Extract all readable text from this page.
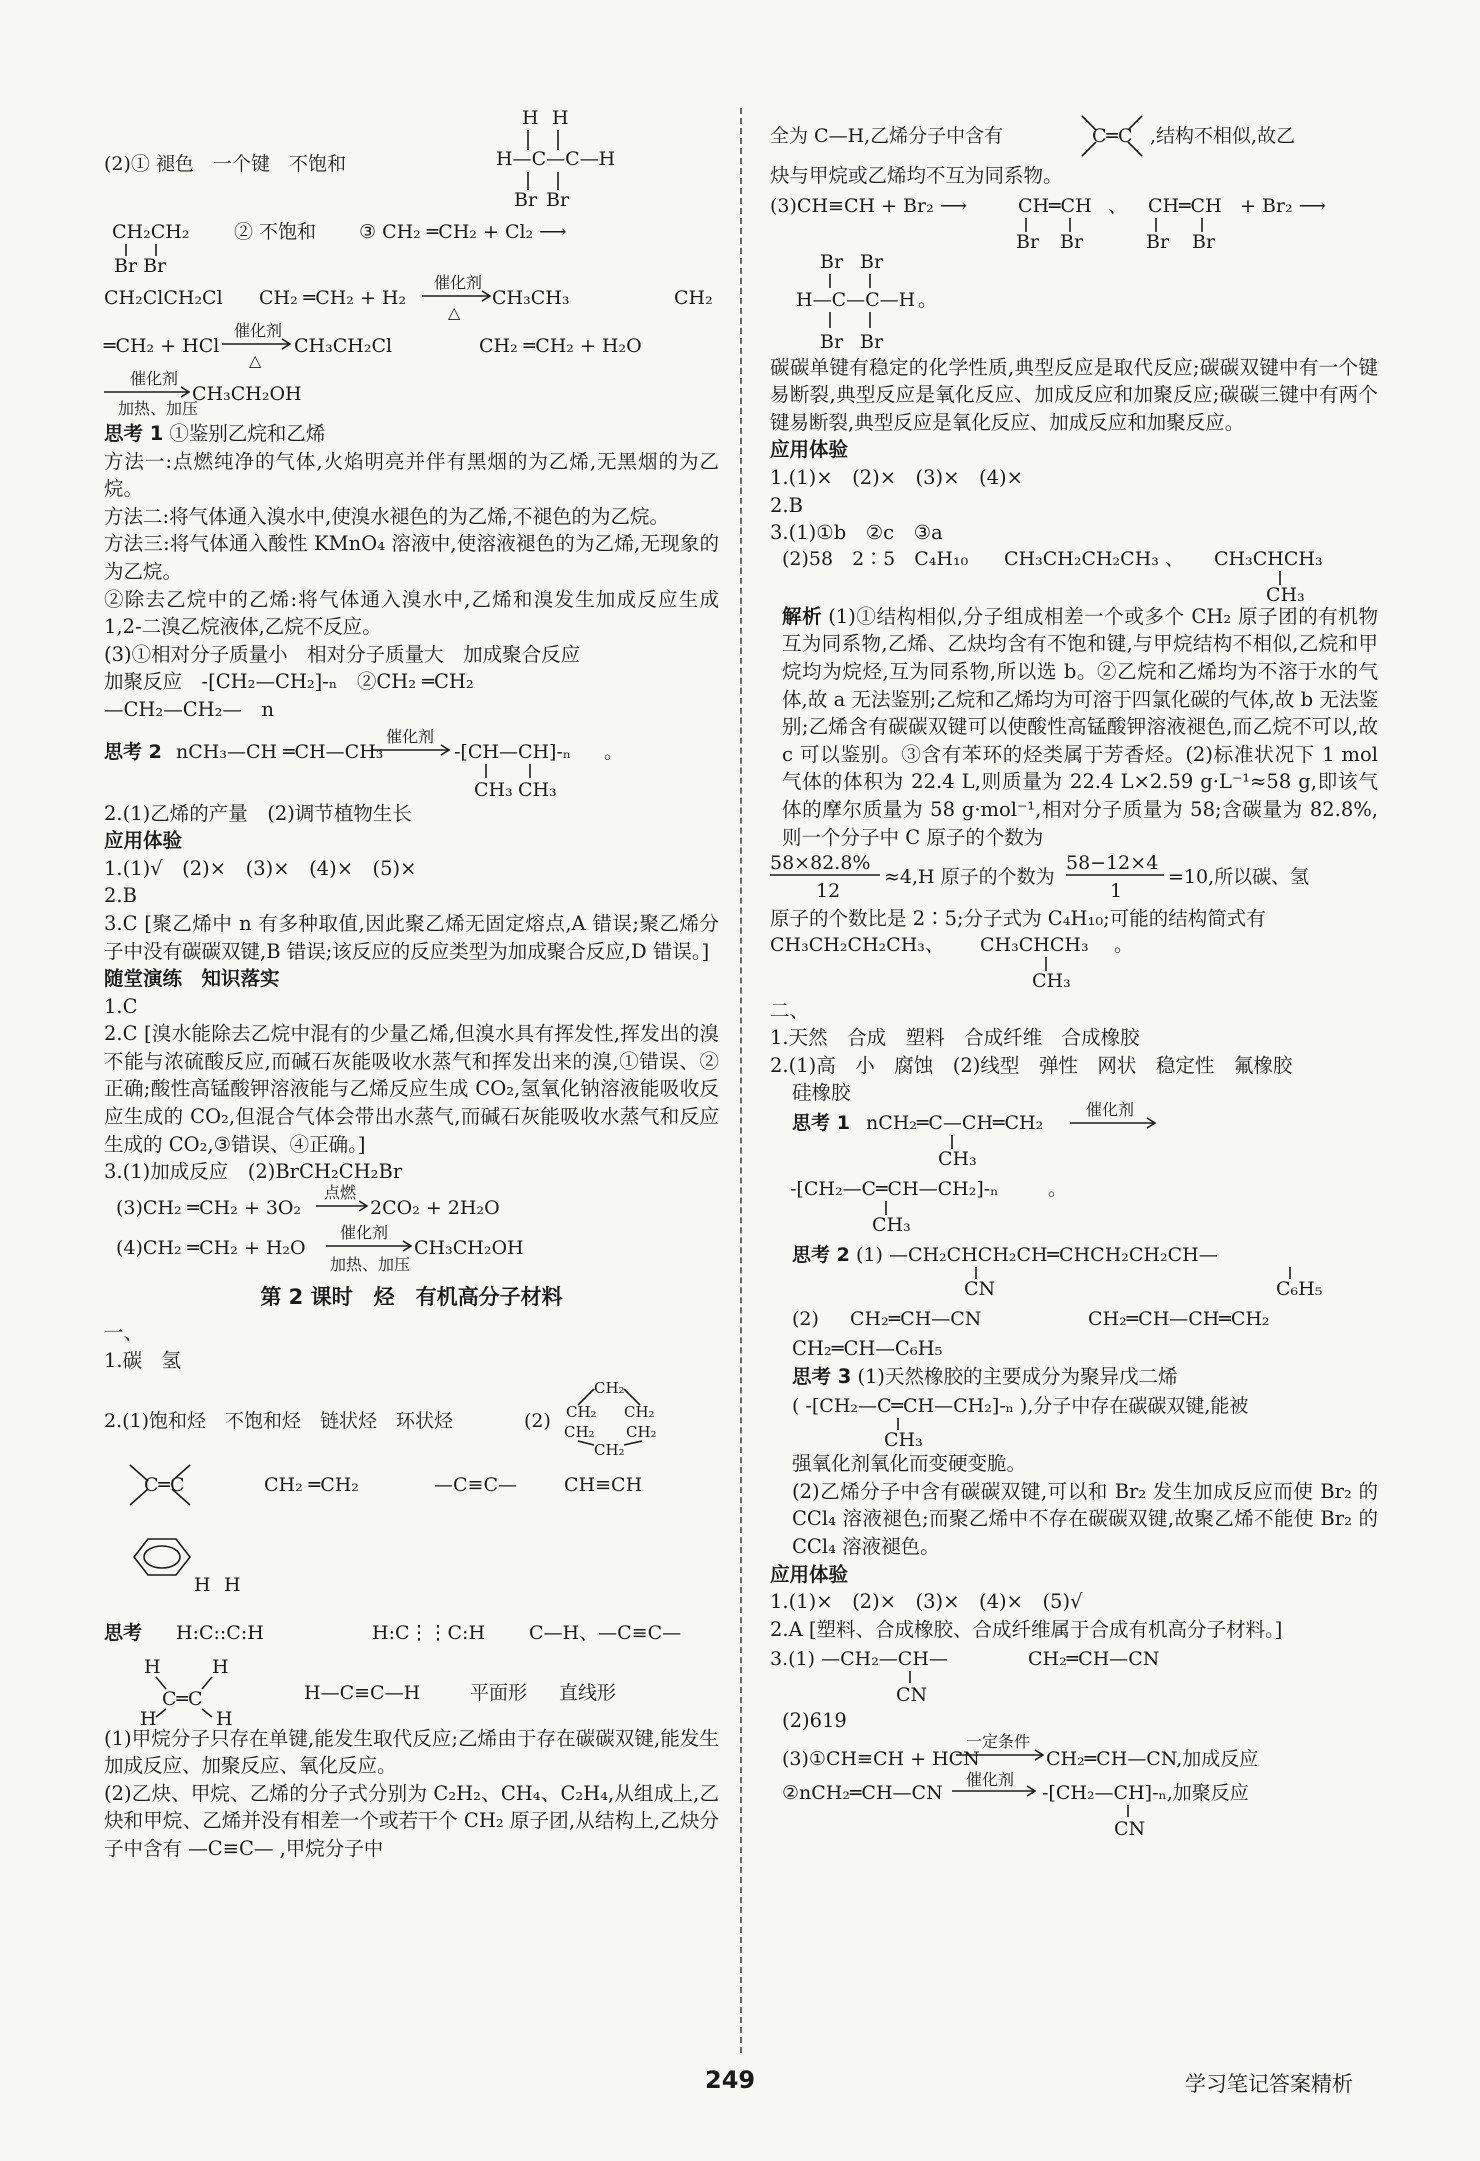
(2)① 褪色　一个键　不饱和
H H
H—C—C—H
Br Br
CH₂CH₂
Br Br
② 不饱和 ③ CH₂ ═CH₂ + Cl₂ ⟶
CH₂ClCH₂Cl CH₂ ═CH₂ + H₂
催化剂
△
CH₃CH₃	CH₂
═CH₂ + HCl
催化剂
△
CH₃CH₂Cl	CH₂ ═CH₂ + H₂O
催化剂
加热、加压
CH₃CH₂OH
思考 1 ①鉴别乙烷和乙烯
方法一:点燃纯净的气体,火焰明亮并伴有黑烟的为乙烯,无黑烟的为乙烷。
方法二:将气体通入溴水中,使溴水褪色的为乙烯,不褪色的为乙烷。
方法三:将气体通入酸性 KMnO₄ 溶液中,使溶液褪色的为乙烯,无现象的为乙烷。
②除去乙烷中的乙烯:将气体通入溴水中,乙烯和溴发生加成反应生成 1,2-二溴乙烷液体,乙烷不反应。
(3)①相对分子质量小　相对分子质量大　加成聚合反应
加聚反应　-[CH₂—CH₂]-ₙ　②CH₂ ═CH₂
—CH₂—CH₂—　n
思考 2 nCH₃—CH ═CH—CH₃
催化剂
-[CH—CH]-ₙ
CH₃ CH₃
。
2.(1)乙烯的产量　(2)调节植物生长
应用体验
1.(1)√　(2)×　(3)×　(4)×　(5)×
2.B
3.C [聚乙烯中 n 有多种取值,因此聚乙烯无固定熔点,A 错误;聚乙烯分子中没有碳碳双键,B 错误;该反应的反应类型为加成聚合反应,D 错误。]
随堂演练　知识落实
1.C
2.C [溴水能除去乙烷中混有的少量乙烯,但溴水具有挥发性,挥发出的溴不能与浓硫酸反应,而碱石灰能吸收水蒸气和挥发出来的溴,①错误、②正确;酸性高锰酸钾溶液能与乙烯反应生成 CO₂,氢氧化钠溶液能吸收反应生成的 CO₂,但混合气体会带出水蒸气,而碱石灰能吸收水蒸气和反应生成的 CO₂,③错误、④正确。]
3.(1)加成反应　(2)BrCH₂CH₂Br
(3)CH₂ ═CH₂ + 3O₂
点燃
2CO₂ + 2H₂O
(4)CH₂ ═CH₂ + H₂O
催化剂
加热、加压
CH₃CH₂OH
第 2 课时　烃　有机高分子材料
一、
1.碳　氢
2.(1)饱和烃　不饱和烃　链状烃　环状烃	(2)
CH₂
CH₂ CH₂
CH₂ CH₂
CH₂
C═C	CH₂ ═CH₂	—C≡C— CH≡CH
H H
思考 H:C::C:H	H:C⋮⋮C:H C—H、—C≡C—
H	H
C═C
H	H
H—C≡C—H	平面形 直线形
(1)甲烷分子只存在单键,能发生取代反应;乙烯由于存在碳碳双键,能发生加成反应、加聚反应、氧化反应。
(2)乙炔、甲烷、乙烯的分子式分别为 C₂H₂、CH₄、C₂H₄,从组成上,乙炔和甲烷、乙烯并没有相差一个或若干个 CH₂ 原子团,从结构上,乙炔分子中含有 —C≡C— ,甲烷分子中
全为 C—H,乙烯分子中含有	C═C ,结构不相似,故乙
炔与甲烷或乙烯均不互为同系物。
(3)CH≡CH + Br₂ ⟶	CH═CH
Br Br
、 CH═CH
Br Br
+ Br₂ ⟶
Br Br
H—C—C—H
Br Br
。
碳碳单键有稳定的化学性质,典型反应是取代反应;碳碳双键中有一个键易断裂,典型反应是氧化反应、加成反应和加聚反应;碳碳三键中有两个键易断裂,典型反应是氧化反应、加成反应和加聚反应。
应用体验
1.(1)×　(2)×　(3)×　(4)×
2.B
3.(1)①b　②c　③a
(2)58　2∶5　C₄H₁₀ CH₃CH₂CH₂CH₃ 、 CH₃CHCH₃
CH₃
解析 (1)①结构相似,分子组成相差一个或多个 CH₂ 原子团的有机物互为同系物,乙烯、乙炔均含有不饱和键,与甲烷结构不相似,乙烷和甲烷均为烷烃,互为同系物,所以选 b。②乙烷和乙烯均为不溶于水的气体,故 a 无法鉴别;乙烷和乙烯均为可溶于四氯化碳的气体,故 b 无法鉴别;乙烯含有碳碳双键可以使酸性高锰酸钾溶液褪色,而乙烷不可以,故 c 可以鉴别。③含有苯环的烃类属于芳香烃。(2)标准状况下 1 mol 气体的体积为 22.4 L,则质量为 22.4 L×2.59 g·L⁻¹≈58 g,即该气体的摩尔质量为 58 g·mol⁻¹,相对分子质量为 58;含碳量为 82.8%,则一个分子中 C 原子的个数为
58×82.8%
12
≈4,H 原子的个数为
58−12×4
1
=10,所以碳、氢
原子的个数比是 2∶5;分子式为 C₄H₁₀;可能的结构简式有
CH₃CH₂CH₂CH₃、 CH₃CHCH₃
CH₃
。
二、
1.天然　合成　塑料　合成纤维　合成橡胶
2.(1)高　小　腐蚀　(2)线型　弹性　网状　稳定性　氟橡胶
硅橡胶
思考 1 nCH₂═C—CH═CH₂
CH₃
催化剂
-[CH₂—C═CH—CH₂]-ₙ
CH₃
。
思考 2 (1) —CH₂CHCH₂CH═CHCH₂CH₂CH—
CN	C₆H₅
(2) CH₂═CH—CN	CH₂═CH—CH═CH₂
CH₂═CH—C₆H₅
思考 3 (1)天然橡胶的主要成分为聚异戊二烯
( -[CH₂—C═CH—CH₂]-ₙ ),分子中存在碳碳双键,能被
CH₃
强氧化剂氧化而变硬变脆。
(2)乙烯分子中含有碳碳双键,可以和 Br₂ 发生加成反应而使 Br₂ 的 CCl₄ 溶液褪色;而聚乙烯中不存在碳碳双键,故聚乙烯不能使 Br₂ 的 CCl₄ 溶液褪色。
应用体验
1.(1)×　(2)×　(3)×　(4)×　(5)√
2.A [塑料、合成橡胶、合成纤维属于合成有机高分子材料。]
3.(1) —CH₂—CH—
CN
CH₂═CH—CN
(2)619
(3)①CH≡CH + HCN
一定条件
CH₂═CH—CN,加成反应
②nCH₂═CH—CN
催化剂
-[CH₂—CH]-ₙ,加聚反应
CN
249	学习笔记答案精析
